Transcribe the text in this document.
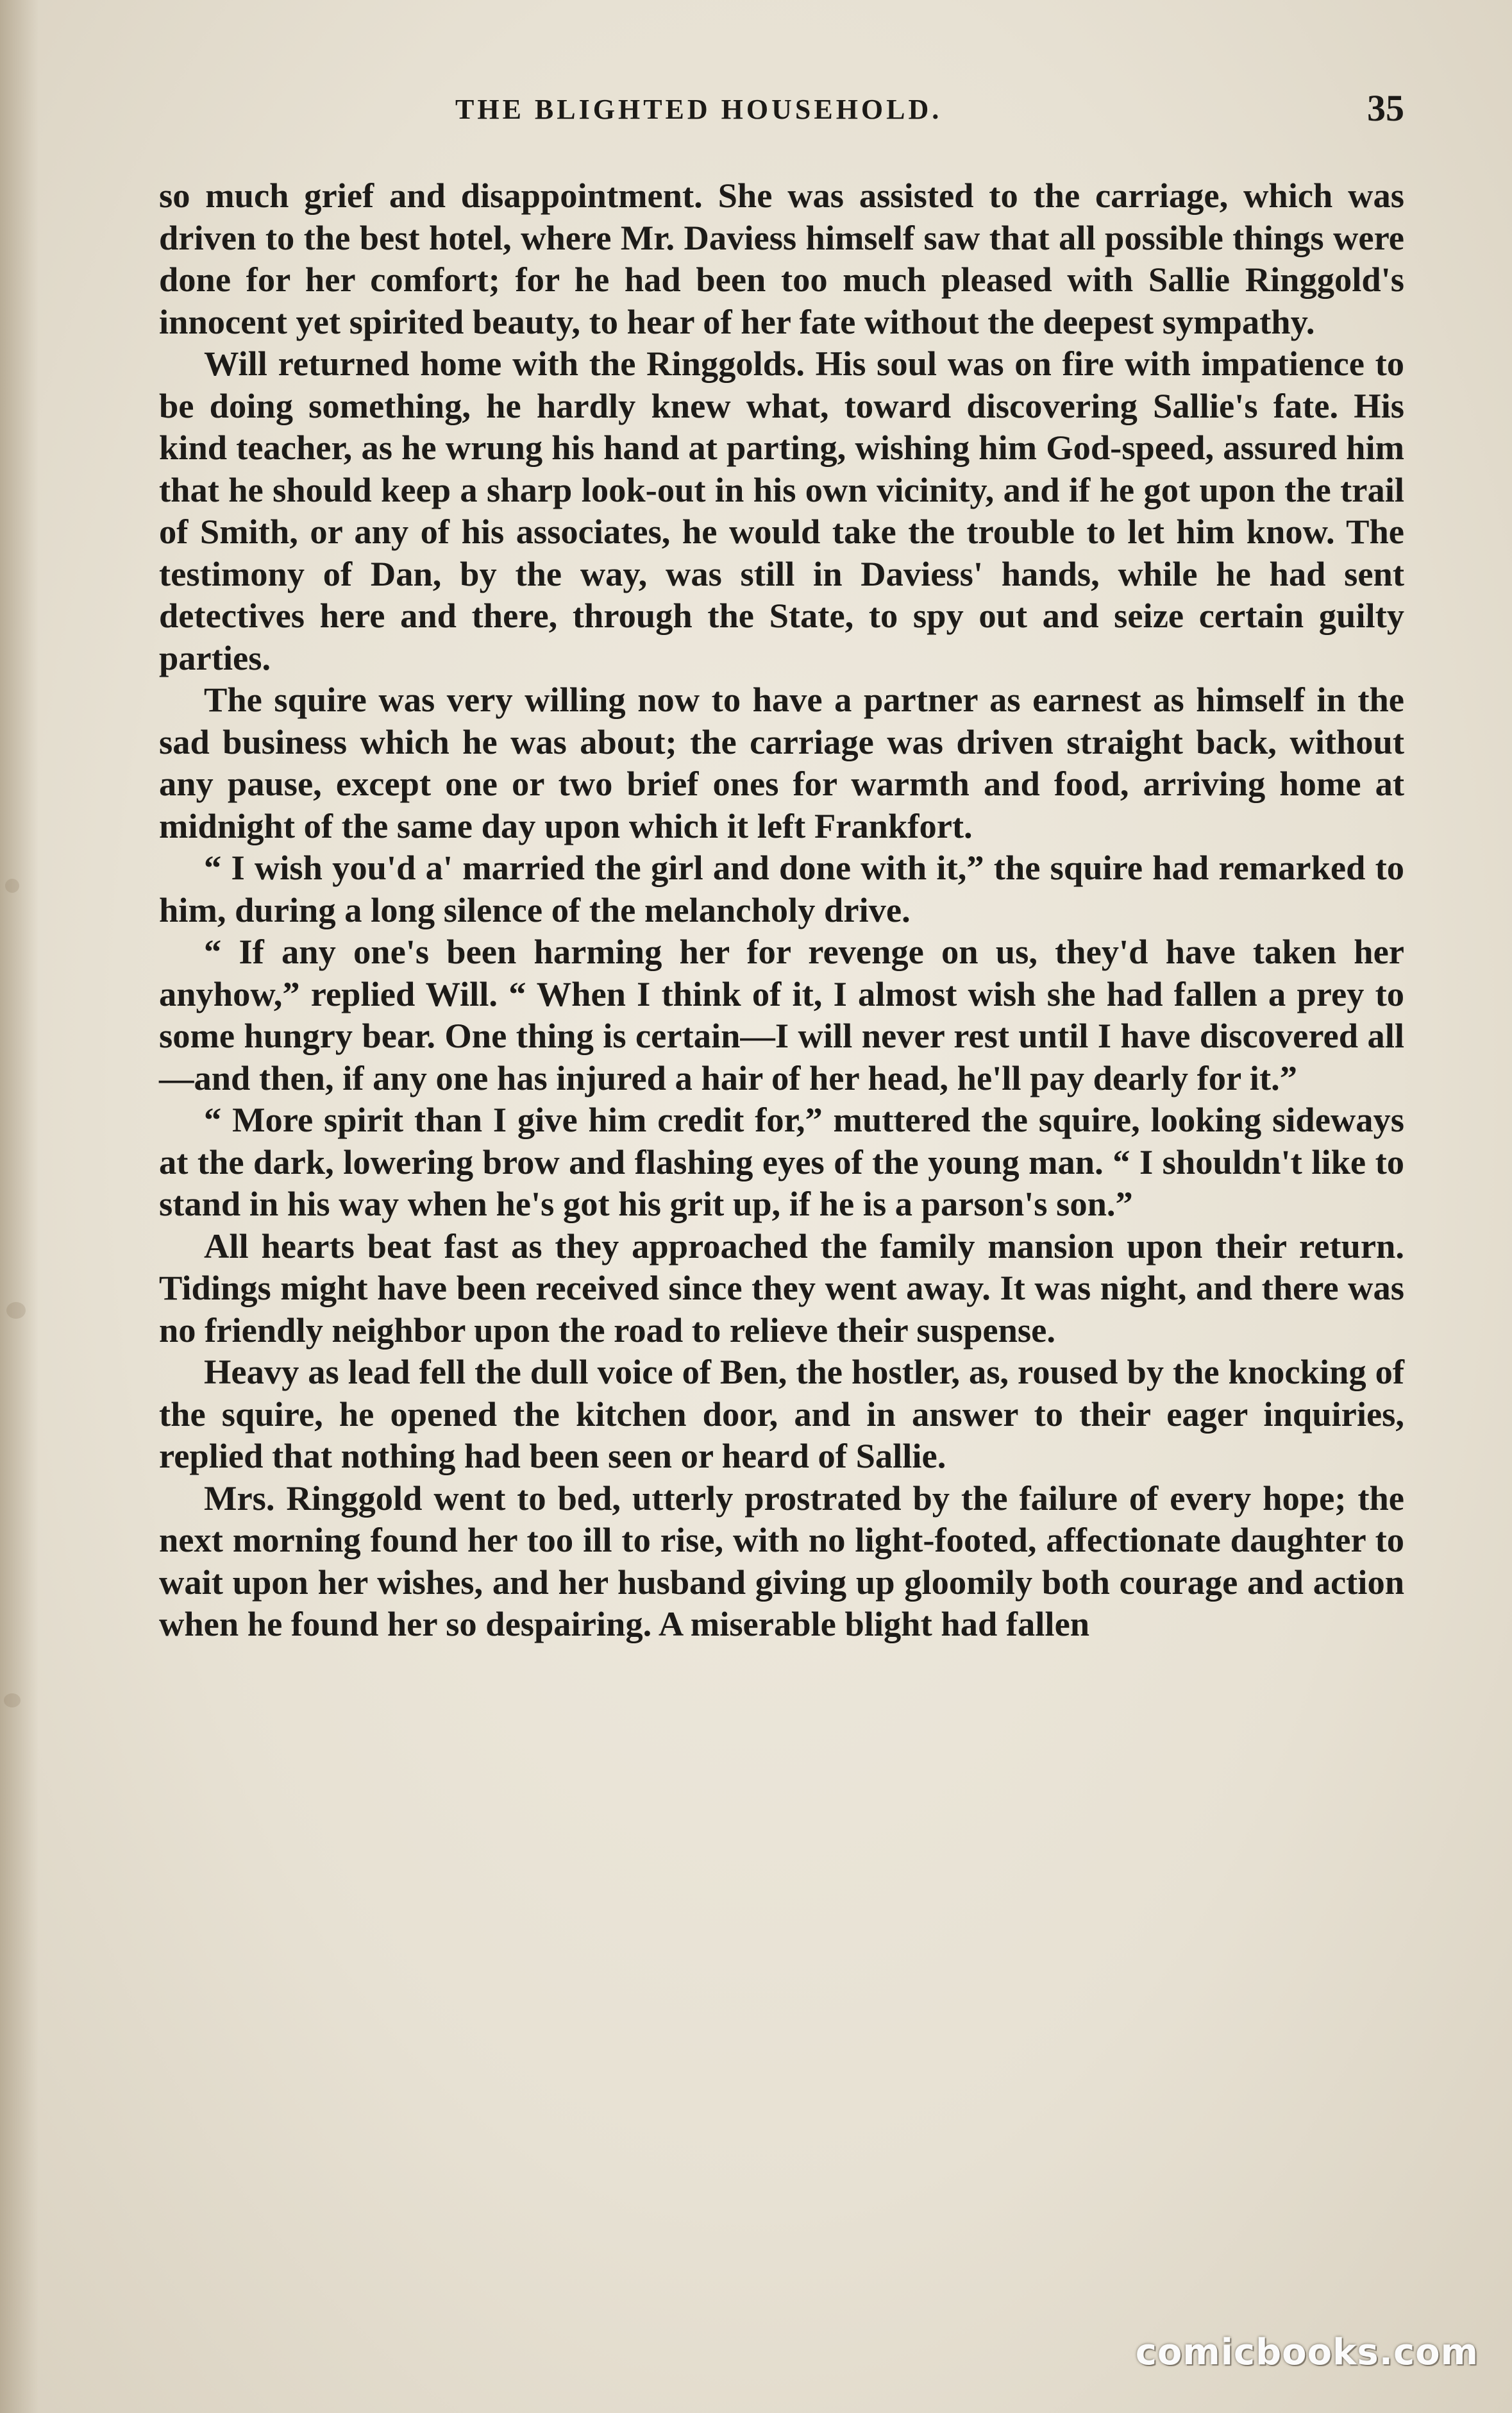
THE BLIGHTED HOUSEHOLD.	35

so much grief and disappointment. She was assisted to the carriage, which was driven to the best hotel, where Mr. Daviess himself saw that all possible things were done for her comfort; for he had been too much pleased with Sallie Ringgold's innocent yet spirited beauty, to hear of her fate without the deepest sympathy.

Will returned home with the Ringgolds. His soul was on fire with impatience to be doing something, he hardly knew what, toward discovering Sallie's fate. His kind teacher, as he wrung his hand at parting, wishing him God-speed, assured him that he should keep a sharp look-out in his own vicinity, and if he got upon the trail of Smith, or any of his associates, he would take the trouble to let him know. The testimony of Dan, by the way, was still in Daviess' hands, while he had sent detectives here and there, through the State, to spy out and seize certain guilty parties.

The squire was very willing now to have a partner as earnest as himself in the sad business which he was about; the carriage was driven straight back, without any pause, except one or two brief ones for warmth and food, arriving home at midnight of the same day upon which it left Frankfort.

“ I wish you'd a' married the girl and done with it,” the squire had remarked to him, during a long silence of the melancholy drive.

“ If any one's been harming her for revenge on us, they'd have taken her anyhow,” replied Will. “ When I think of it, I almost wish she had fallen a prey to some hungry bear. One thing is certain—I will never rest until I have discovered all—and then, if any one has injured a hair of her head, he'll pay dearly for it.”

“ More spirit than I give him credit for,” muttered the squire, looking sideways at the dark, lowering brow and flashing eyes of the young man. “ I shouldn't like to stand in his way when he's got his grit up, if he is a parson's son.”

All hearts beat fast as they approached the family mansion upon their return. Tidings might have been received since they went away. It was night, and there was no friendly neighbor upon the road to relieve their suspense.

Heavy as lead fell the dull voice of Ben, the hostler, as, roused by the knocking of the squire, he opened the kitchen door, and in answer to their eager inquiries, replied that nothing had been seen or heard of Sallie.

Mrs. Ringgold went to bed, utterly prostrated by the failure of every hope; the next morning found her too ill to rise, with no light-footed, affectionate daughter to wait upon her wishes, and her husband giving up gloomily both courage and action when he found her so despairing. A miserable blight had fallen

comicbooks.com
